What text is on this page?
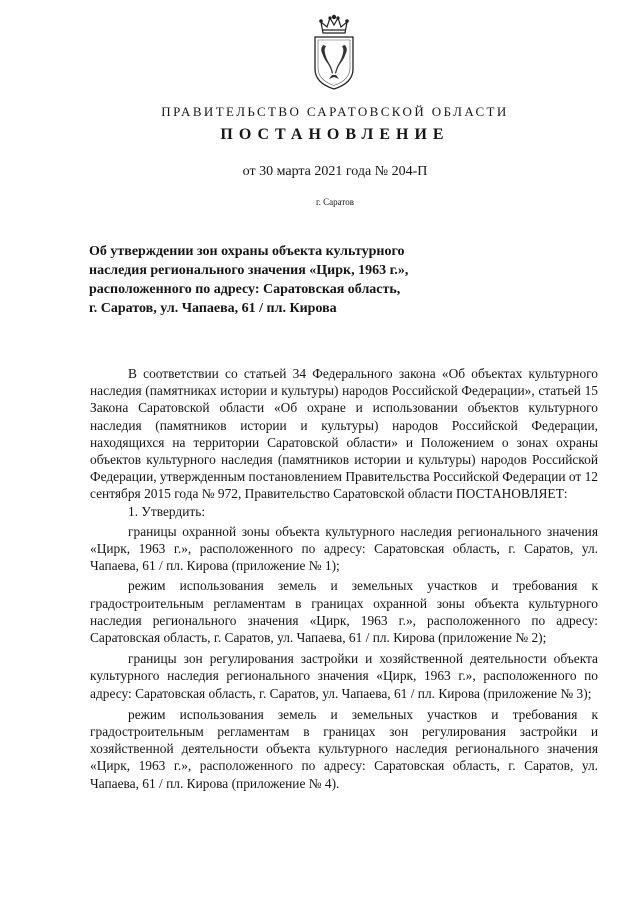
ПРАВИТЕЛЬСТВО САРАТОВСКОЙ ОБЛАСТИ
ПОСТАНОВЛЕНИЕ
от 30 марта 2021 года № 204-П
г. Саратов
Об утверждении зон охраны объекта культурного
наследия регионального значения «Цирк, 1963 г.»,
расположенного по адресу: Саратовская область,
г. Саратов, ул. Чапаева, 61 / пл. Кирова

В соответствии со статьей 34 Федерального закона «Об объектах культурного наследия (памятниках истории и культуры) народов Российской Федерации», статьей 15 Закона Саратовской области «Об охране и использовании объектов культурного наследия (памятников истории и культуры) народов Российской Федерации, находящихся на территории Саратовской области» и Положением о зонах охраны объектов культурного наследия (памятников истории и культуры) народов Российской Федерации, утвержденным постановлением Правительства Российской Федерации от 12 сентября 2015 года № 972, Правительство Саратовской области ПОСТАНОВЛЯЕТ:

1. Утвердить:

границы охранной зоны объекта культурного наследия регионального значения «Цирк, 1963 г.», расположенного по адресу: Саратовская область, г. Саратов, ул. Чапаева, 61 / пл. Кирова (приложение № 1);

режим использования земель и земельных участков и требования к градостроительным регламентам в границах охранной зоны объекта культурного наследия регионального значения «Цирк, 1963 г.», расположенного по адресу: Саратовская область, г. Саратов, ул. Чапаева, 61 / пл. Кирова (приложение № 2);

границы зон регулирования застройки и хозяйственной деятельности объекта культурного наследия регионального значения «Цирк, 1963 г.», расположенного по адресу: Саратовская область, г. Саратов, ул. Чапаева, 61 / пл. Кирова (приложение № 3);

режим использования земель и земельных участков и требования к градостроительным регламентам в границах зон регулирования застройки и хозяйственной деятельности объекта культурного наследия регионального значения «Цирк, 1963 г.», расположенного по адресу: Саратовская область, г. Саратов, ул. Чапаева, 61 / пл. Кирова (приложение № 4).
